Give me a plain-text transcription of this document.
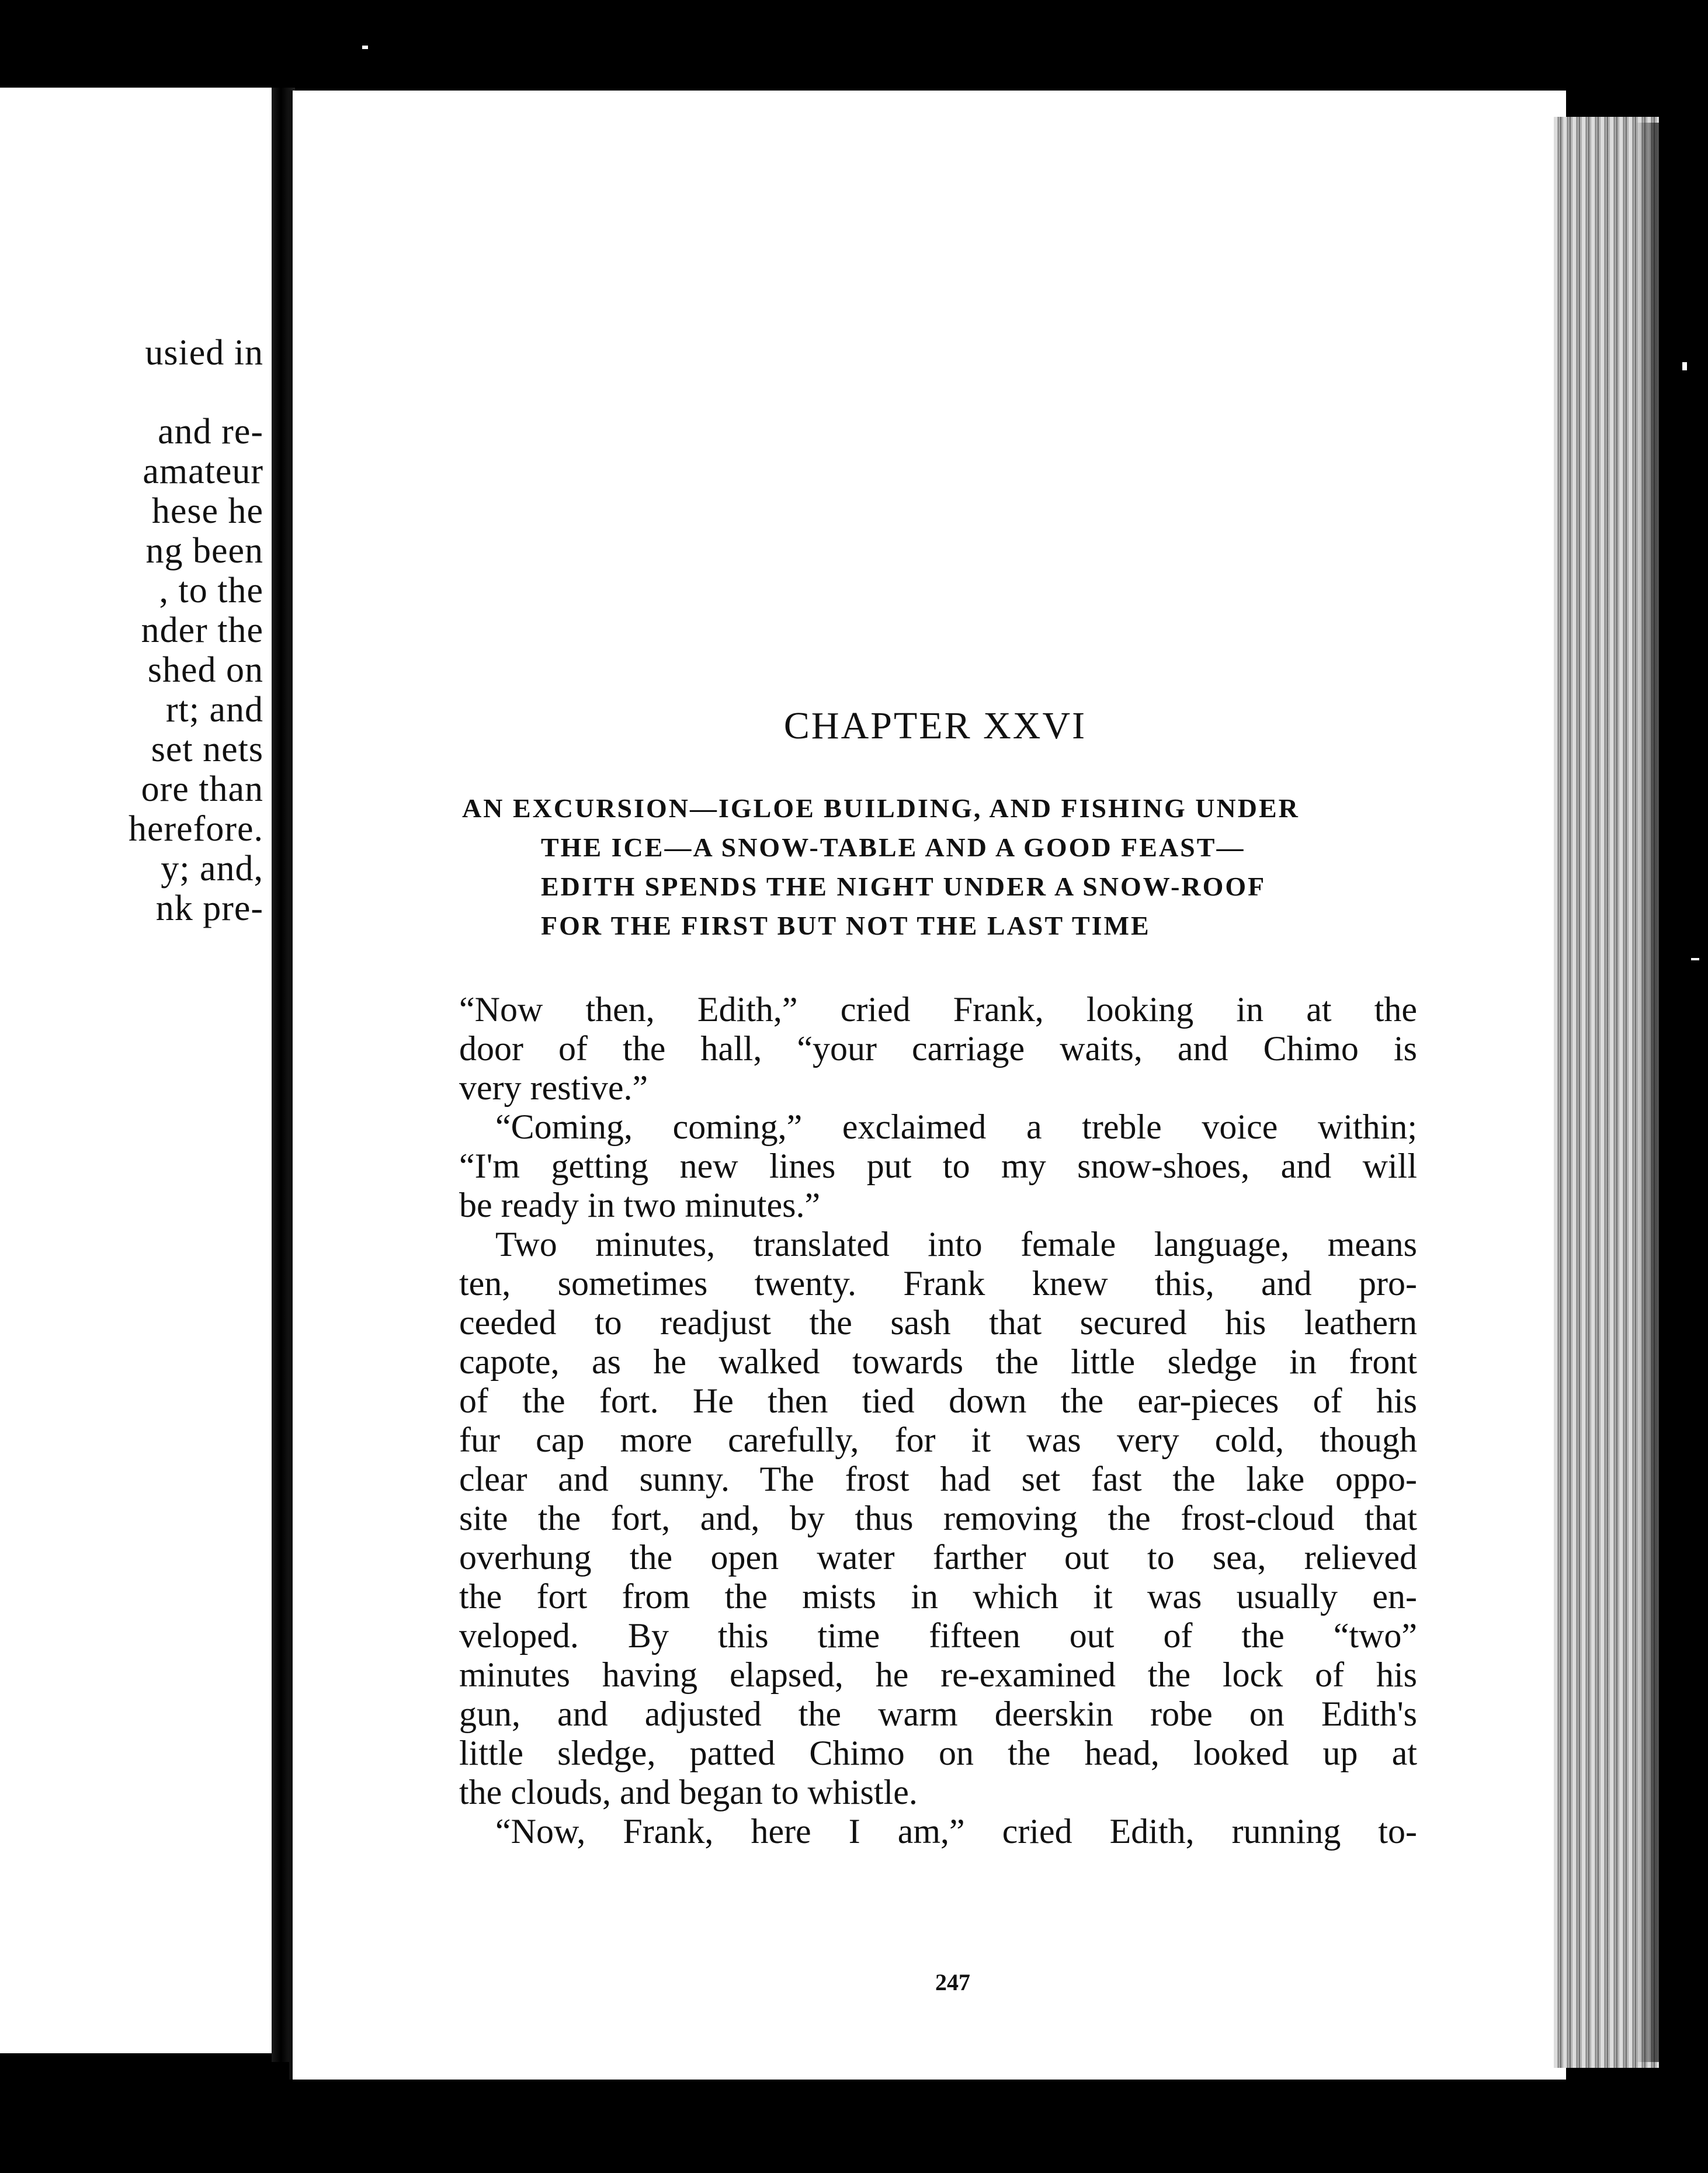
usied in
and re-
amateur
hese he
ng been
, to the
nder the
shed on
rt; and
set nets
ore than
herefore.
y; and,
nk pre-
CHAPTER XXVI
AN EXCURSION—IGLOE BUILDING, AND FISHING UNDER
THE ICE—A SNOW-TABLE AND A GOOD FEAST—
EDITH SPENDS THE NIGHT UNDER A SNOW-ROOF
FOR THE FIRST BUT NOT THE LAST TIME
“Now then, Edith,” cried Frank, looking in at the
door of the hall, “your carriage waits, and Chimo is
very restive.”
“Coming, coming,” exclaimed a treble voice within;
“I'm getting new lines put to my snow-shoes, and will
be ready in two minutes.”
Two minutes, translated into female language, means
ten, sometimes twenty. Frank knew this, and pro-
ceeded to readjust the sash that secured his leathern
capote, as he walked towards the little sledge in front
of the fort. He then tied down the ear-pieces of his
fur cap more carefully, for it was very cold, though
clear and sunny. The frost had set fast the lake oppo-
site the fort, and, by thus removing the frost-cloud that
overhung the open water farther out to sea, relieved
the fort from the mists in which it was usually en-
veloped. By this time fifteen out of the “two”
minutes having elapsed, he re-examined the lock of his
gun, and adjusted the warm deerskin robe on Edith's
little sledge, patted Chimo on the head, looked up at
the clouds, and began to whistle.
“Now, Frank, here I am,” cried Edith, running to-
247
